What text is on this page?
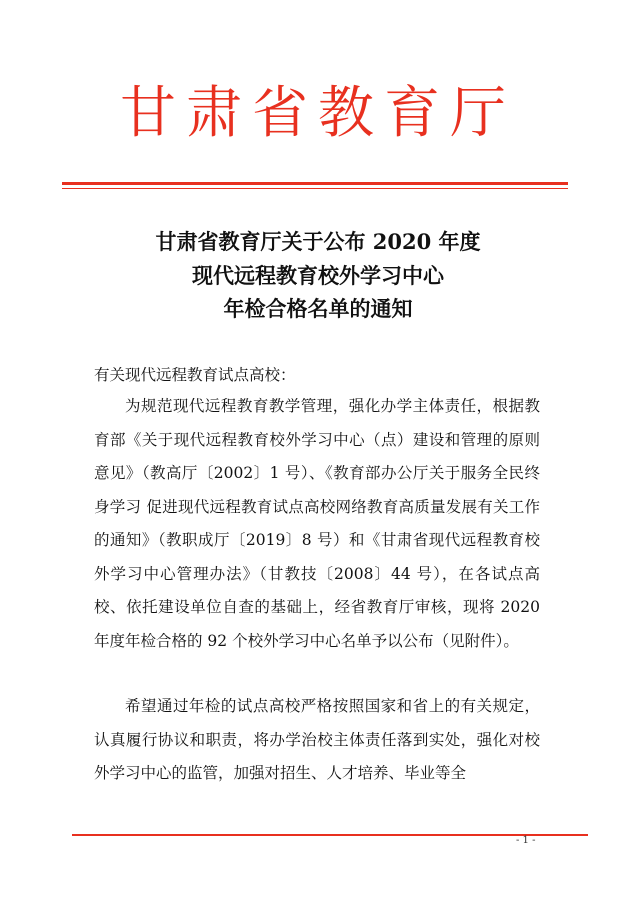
甘肃省教育厅
甘肃省教育厅关于公布 2020 年度
现代远程教育校外学习中心
年检合格名单的通知
有关现代远程教育试点高校：

为规范现代远程教育教学管理，强化办学主体责任，根据教育部《关于现代远程教育校外学习中心（点）建设和管理的原则意见》（教高厅〔2002〕1 号）、《教育部办公厅关于服务全民终身学习 促进现代远程教育试点高校网络教育高质量发展有关工作的通知》（教职成厅〔2019〕8 号）和《甘肃省现代远程教育校外学习中心管理办法》（甘教技〔2008〕44 号），在各试点高校、依托建设单位自查的基础上，经省教育厅审核，现将 2020 年度年检合格的 92 个校外学习中心名单予以公布（见附件）。

希望通过年检的试点高校严格按照国家和省上的有关规定，认真履行协议和职责，将办学治校主体责任落到实处，强化对校外学习中心的监管，加强对招生、人才培养、毕业等全

- 1 -
